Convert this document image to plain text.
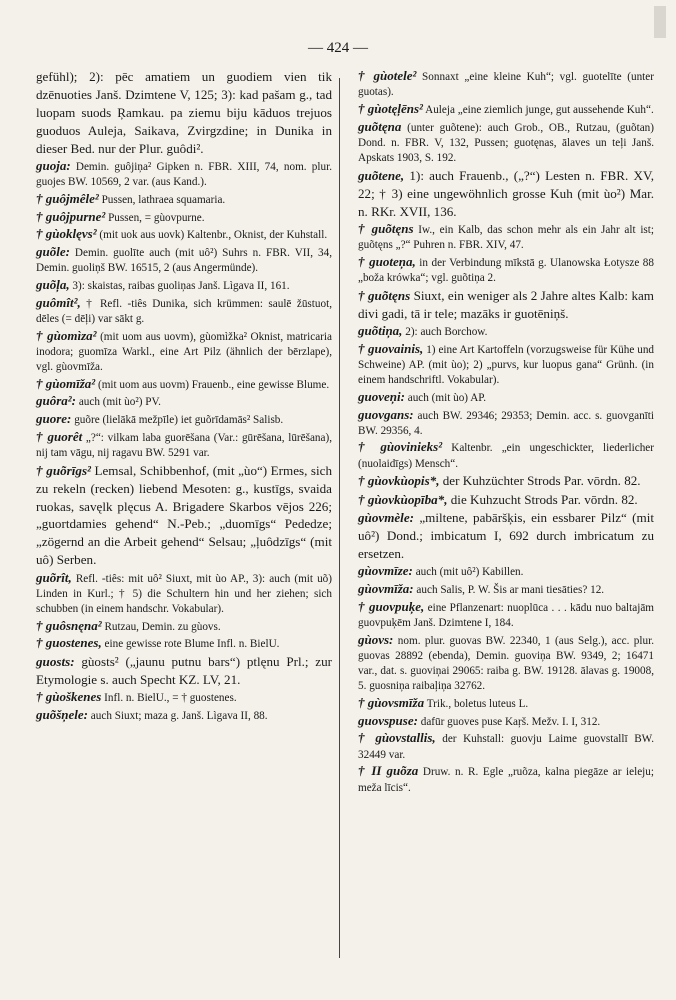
— 424 —

gefühl); 2): pēc amatiem un guodiem vien tik dzēnuoties Janš. Dzimtene V, 125; 3): kad pašam g., tad luopam suods Ŗamkau. pa ziemu biju kāduos trejuos guoduos Auleja, Saikava, Zvirgzdine; in Dunika in dieser Bed. nur der Plur. guôdi².

guoja: Demin. guôjiņa² Gipken n. FBR. XIII, 74, nom. plur. guojes BW. 10569, 2 var. (aus Kand.).

† guôjmêle² Pussen, lathraea squamaria.

† guôjpurne² Pussen, = gùovpurne.

† gùoklęvs² (mit uok aus uovk) Kaltenbr., Oknist, der Kuhstall.

guõle: Demin. guolīte auch (mit uô²) Suhrs n. FBR. VII, 34, Demin. guoliņš BW. 16515, 2 (aus Angermünde).

guõļa, 3): skaistas, raibas guoliņas Janš. Lìgava II, 161.

guômît², † Refl. -tiês Dunika, sich krümmen: saulē žūstuot, dēles (= dēļi) var sākt g.

† gùomìza² (mit uom aus uovm), gùomìžka² Oknist, matricaria inodora; guomīza Warkl., eine Art Pilz (ähnlich der bērzlape), vgl. gùovmīža.

† gùomīža² (mit uom aus uovm) Frauenb., eine gewisse Blume.

guôra²: auch (mit ùo²) PV.

guore: guõre (lielākā mežpīle) iet guõrīdamās² Salisb.

† guorêt „?“: vilkam laba guorēšana (Var.: gūrēšana, lūrēšana), nij tam vāgu, nij ragavu BW. 5291 var.

† guõrīgs² Lemsal, Schibbenhof, (mit „ùo“) Ermes, sich zu rekeln (recken) liebend Mesoten: g., kustīgs, svaida ruokas, savęlk plęcus A. Brigadere Skarbos vējos 226; „guortdamies gehend“ N.-Peb.; „duomīgs“ Pededze; „zögernd an die Arbeit gehend“ Selsau; „ļuôdzīgs“ (mit uô) Serben.

guõrît, Refl. -tiês: mit uô² Siuxt, mit ùo AP., 3): auch (mit uõ) Linden in Kurl.; † 5) die Schultern hin und her ziehen; sich schubben (in einem handschr. Vokabular).

† guôsnęna² Rutzau, Demin. zu gùovs.

† guostenes, eine gewisse rote Blume Infl. n. BielU.

guosts: gùosts² („jaunu putnu bars“) ptlęnu Prl.; zur Etymologie s. auch Specht KZ. LV, 21.

† gùoškenes Infl. n. BielU., = † guostenes.

guõšņele: auch Siuxt; maza g. Janš. Lìgava II, 88.

† gùotele² Sonnaxt „eine kleine Kuh“; vgl. guotelīte (unter guotas).

† gùotęļēns² Auleja „eine ziemlich junge, gut aussehende Kuh“.

guõtęna (unter guõtene): auch Grob., OB., Rutzau, (guõtan) Dond. n. FBR. V, 132, Pussen; guotęnas, ālaves un teļi Janš. Apskats 1903, S. 192.

guõtene, 1): auch Frauenb., („?“) Lesten n. FBR. XV, 22; † 3) eine ungewöhnlich grosse Kuh (mit ùo²) Mar. n. RKr. XVII, 136.

† guõtęns Iw., ein Kalb, das schon mehr als ein Jahr alt ist; guõtęns „?“ Puhren n. FBR. XIV, 47.

† guoteņa, in der Verbindung mīkstā g. Ulanowska Łotysze 88 „boža krówka“; vgl. guõtiņa 2.

† guõtęns Siuxt, ein weniger als 2 Jahre altes Kalb: kam divi gadi, tā ir tele; mazāks ir guotēniņš.

guõtiņa, 2): auch Borchow.

† guovainis, 1) eine Art Kartoffeln (vorzugsweise für Kühe und Schweine) AP. (mit ùo); 2) „purvs, kur luopus gana“ Grünh. (in einem handschriftl. Vokabular).

guoveņi: auch (mit ùo) AP.

guovgans: auch BW. 29346; 29353; Demin. acc. s. guovganīti BW. 29356, 4.

† gùovinieks² Kaltenbr. „ein ungeschickter, liederlicher (nuolaidīgs) Mensch“.

† gùovkùopis*, der Kuhzüchter Strods Par. vōrdn. 82.

† gùovkùopība*, die Kuhzucht Strods Par. vōrdn. 82.

gùovmèle: „miltene, pabāršķis, ein essbarer Pilz“ (mit uô²) Dond.; imbicatum I, 692 durch imbricatum zu ersetzen.

gùovmīze: auch (mit uô²) Kabillen.

gùovmīža: auch Salis, P. W. Šis ar mani tiesāties? 12.

† guovpuķe, eine Pflanzenart: nuoplūca . . . kādu nuo baltajām guovpuķēm Janš. Dzimtene I, 184.

gùovs: nom. plur. guovas BW. 22340, 1 (aus Selg.), acc. plur. guovas 28892 (ebenda), Demin. guoviņa BW. 9349, 2; 16471 var., dat. s. guoviņai 29065: raiba g. BW. 19128. ālavas g. 19008, 5. guosniņa raibaļiņa 32762.

† gùovsmīža Trik., boletus luteus L.

guovspuse: dafūr guoves puse Kaŗš. Mežv. I. I, 312.

† gùovstallis, der Kuhstall: guovju Laime guovstallī BW. 32449 var.

† II guõza Druw. n. R. Egle „ruõza, kalna piegāze ar ieleju; meža līcis“.
